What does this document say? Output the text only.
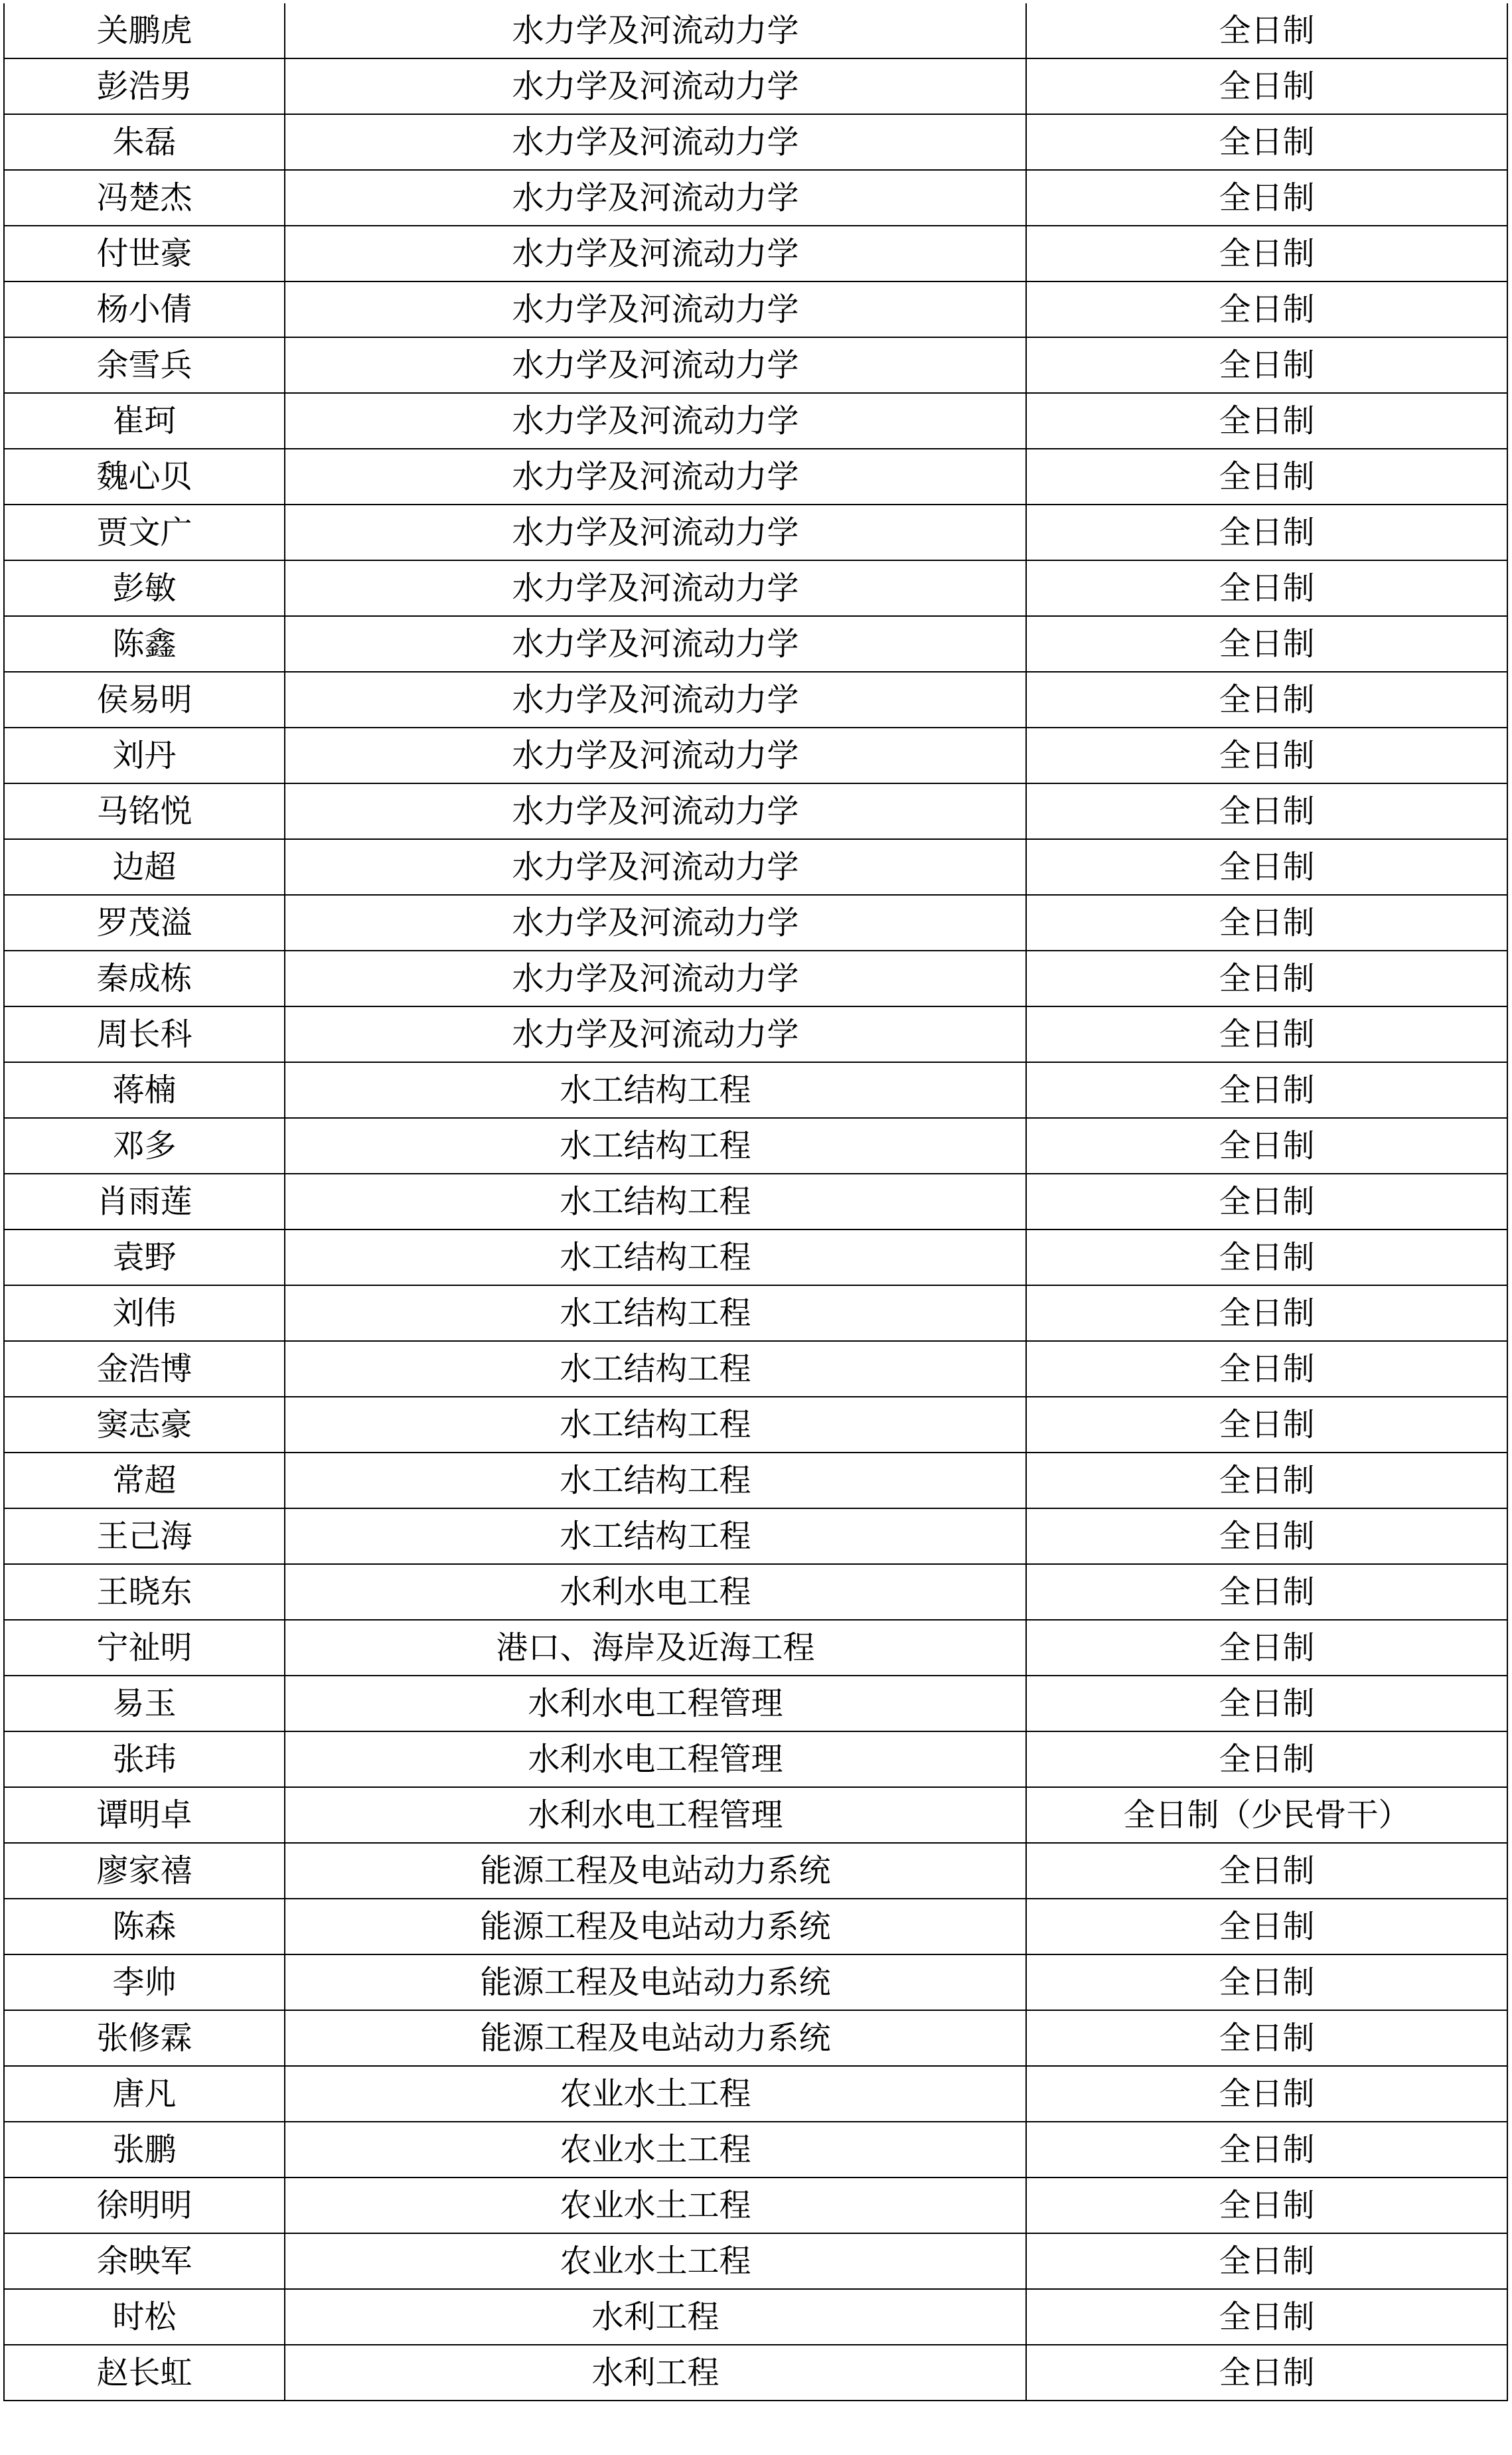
关鹏虎	水力学及河流动力学	全日制
彭浩男	水力学及河流动力学	全日制
朱磊	水力学及河流动力学	全日制
冯楚杰	水力学及河流动力学	全日制
付世豪	水力学及河流动力学	全日制
杨小倩	水力学及河流动力学	全日制
余雪兵	水力学及河流动力学	全日制
崔珂	水力学及河流动力学	全日制
魏心贝	水力学及河流动力学	全日制
贾文广	水力学及河流动力学	全日制
彭敏	水力学及河流动力学	全日制
陈鑫	水力学及河流动力学	全日制
侯易明	水力学及河流动力学	全日制
刘丹	水力学及河流动力学	全日制
马铭悦	水力学及河流动力学	全日制
边超	水力学及河流动力学	全日制
罗茂溢	水力学及河流动力学	全日制
秦成栋	水力学及河流动力学	全日制
周长科	水力学及河流动力学	全日制
蒋楠	水工结构工程	全日制
邓多	水工结构工程	全日制
肖雨莲	水工结构工程	全日制
袁野	水工结构工程	全日制
刘伟	水工结构工程	全日制
金浩博	水工结构工程	全日制
窦志豪	水工结构工程	全日制
常超	水工结构工程	全日制
王己海	水工结构工程	全日制
王晓东	水利水电工程	全日制
宁祉明	港口、海岸及近海工程	全日制
易玉	水利水电工程管理	全日制
张玮	水利水电工程管理	全日制
谭明卓	水利水电工程管理	全日制（少民骨干）
廖家禧	能源工程及电站动力系统	全日制
陈森	能源工程及电站动力系统	全日制
李帅	能源工程及电站动力系统	全日制
张修霖	能源工程及电站动力系统	全日制
唐凡	农业水土工程	全日制
张鹏	农业水土工程	全日制
徐明明	农业水土工程	全日制
余映军	农业水土工程	全日制
时松	水利工程	全日制
赵长虹	水利工程	全日制
